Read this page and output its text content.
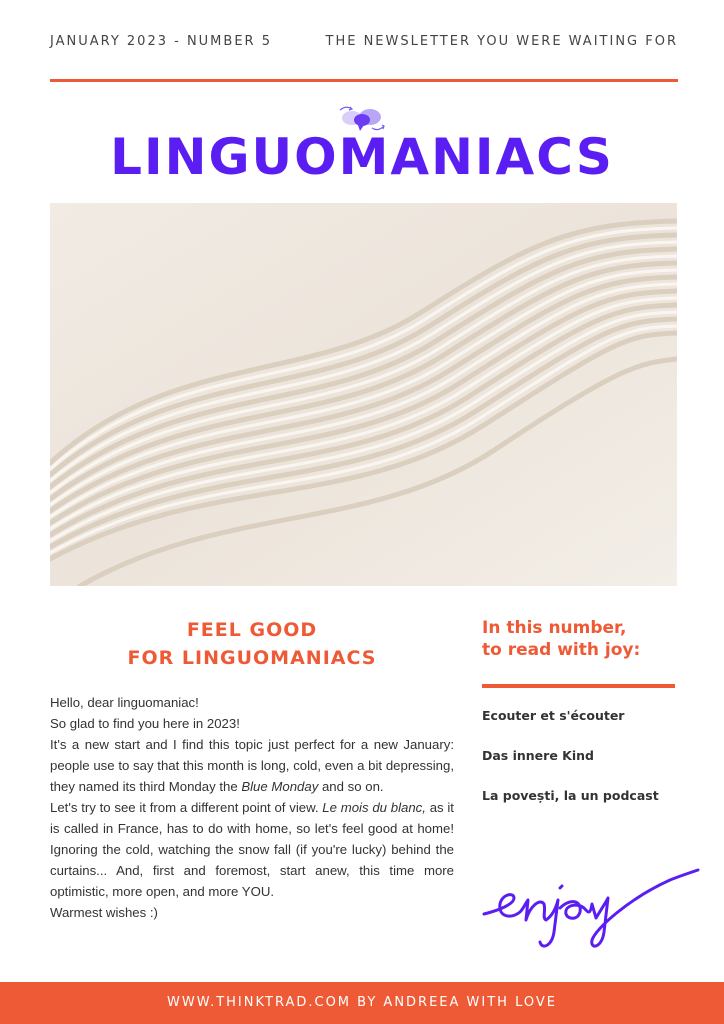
JANUARY 2023 - NUMBER 5	THE NEWSLETTER YOU WERE WAITING FOR
LINGUOMANIACS
FEEL GOOD
FOR LINGUOMANIACS

Hello, dear linguomaniac!

So glad to find you here in 2023!

It's a new start and I find this topic just perfect for a new January: people use to say that this month is long, cold, even a bit depressing, they named its third Monday the Blue Monday and so on.

Let's try to see it from a different point of view. Le mois du blanc, as it is called in France, has to do with home, so let's feel good at home! Ignoring the cold, watching the snow fall (if you're lucky) behind the curtains... And, first and foremost, start anew, this time more optimistic, more open, and more YOU.

Warmest wishes :)

In this number,
to read with joy:
Ecouter et s'écouter
Das innere Kind
La povești, la un podcast
WWW.THINKTRAD.COM BY ANDREEA WITH LOVE
